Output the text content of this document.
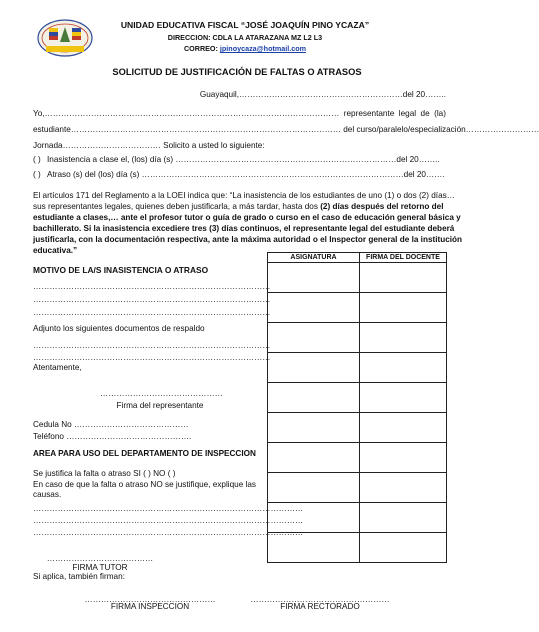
UNIDAD EDUCATIVA FISCAL “JOSÉ JOAQUÍN PINO YCAZA”
DIRECCION: CDLA LA ATARAZANA MZ L2 L3
CORREO: jpinoycaza@hotmail.com
SOLICITUD DE JUSTIFICACIÓN DE FALTAS O ATRASOS
Guayaquil,……………………………………………………del 20……..
Yo,……………………………………………………………………………………………… representante legal de (la)
estudiante……………………………………………………………………………………… del curso/paralelo/especialización………………………
Jornada……………………………… Solicito a usted lo siguiente:
( ) Inasistencia a clase el, (los) día (s) ………………………………………………………………………del 20……..
( ) Atraso (s) del (los) día (s) ……………………………………………………………………………………del 20…….
El artículos 171 del Reglamento a la LOEI indica que: “La inasistencia de los estudiantes de uno (1) o dos (2) días…
sus representantes legales, quienes deben justificarla, a más tardar, hasta dos (2) días después del retorno del
estudiante a clases,… ante el profesor tutor o guía de grado o curso en el caso de educación general básica y
bachillerato. Si la inasistencia excediere tres (3) días continuos, el representante legal del estudiante deberá
justificarla, con la documentación respectiva, ante la máxima autoridad o el Inspector general de la institución
educativa.”
MOTIVO DE LA/S INASISTENCIA O ATRASO
……………………………………………………………………………
……………………………………………………………………………
……………………………………………………………………………
Adjunto los siguientes documentos de respaldo
……………………………………………………………………………
……………………………………………………………………………
Atentamente,
………………………………………
Firma del representante
Cedula No ……………………………………
Teléfono ……………………………………….
AREA PARA USO DEL DEPARTAMENTO DE INSPECCION
Se justifica la falta o atraso SI ( ) NO ( )
En caso de que la falta o atraso NO se justifique, explique las
causas.
………………………………………………………………………………………
………………………………………………………………………………………
………………………………………………………………………………………
…………………………………
FIRMA TUTOR
Si aplica, también firman:
…………………………………………	……………………………………………
FIRMA INSPECCION	FIRMA RECTORADO
ASIGNATURA	FIRMA DEL DOCENTE
